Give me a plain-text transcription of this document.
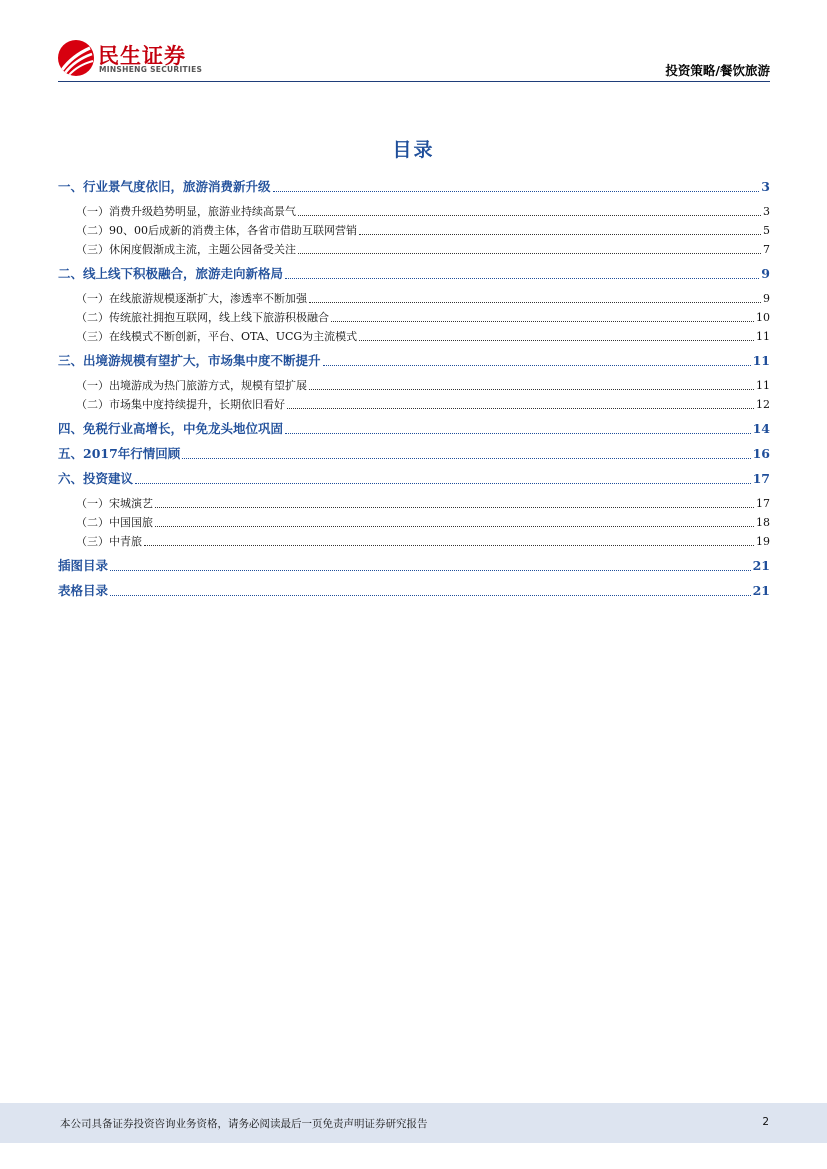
民生证券
MINSHENG SECURITIES	投资策略/餐饮旅游
目录
一、行业景气度依旧，旅游消费新升级	3
（一）消费升级趋势明显，旅游业持续高景气	3
（二）90、00后成新的消费主体，各省市借助互联网营销	5
（三）休闲度假渐成主流，主题公园备受关注	7
二、线上线下积极融合，旅游走向新格局	9
（一）在线旅游规模逐渐扩大，渗透率不断加强	9
（二）传统旅社拥抱互联网，线上线下旅游积极融合	10
（三）在线模式不断创新，平台、OTA、UCG为主流模式	11
三、出境游规模有望扩大，市场集中度不断提升	11
（一）出境游成为热门旅游方式，规模有望扩展	11
（二）市场集中度持续提升，长期依旧看好	12
四、免税行业高增长，中免龙头地位巩固	14
五、2017年行情回顾	16
六、投资建议	17
（一）宋城演艺	17
（二）中国国旅	18
（三）中青旅	19
插图目录	21
表格目录	21
本公司具备证券投资咨询业务资格，请务必阅读最后一页免责声明证券研究报告	2
